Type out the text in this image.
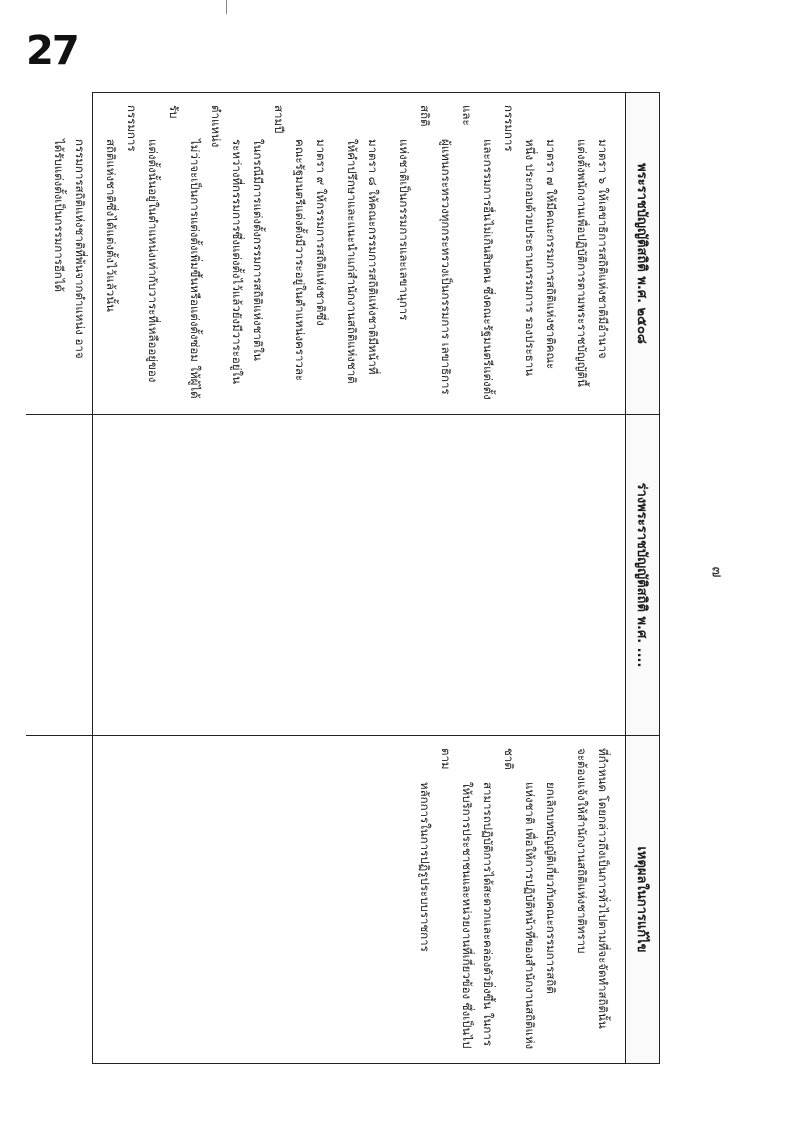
27
๗
พระราชบัญญัติสถิติ พ.ศ. ๒๕๐๘
ร่างพระราชบัญญัติสถิติ พ.ศ. ....
เหตุผลในการแก้ไข
มาตรา ๖ ให้เลขาธิการสถิติแห่งชาติมีอำนาจ
แต่งตั้งพนักงานเพื่อปฏิบัติการตามพระราชบัญญัตินี้
มาตรา ๗ ให้มีคณะกรรมการสถิติแห่งชาติคณะ
หนึ่ง ประกอบด้วยประธานกรรมการ รองประธานกรรมการ
และกรรมการอื่นไม่เกินสิบคน ซึ่งคณะรัฐมนตรีแต่งตั้ง และ
ผู้แทนกระทรวงทุกกระทรวงเป็นกรรมการ เลขาธิการสถิติ
แห่งชาติเป็นกรรมการและเลขานุการ
มาตรา ๘ ให้คณะกรรมการสถิติแห่งชาติมีหน้าที่
ให้คำปรึกษาและแนะนำแก่สำนักงานสถิติแห่งชาติ
มาตรา ๙ ให้กรรมการสถิติแห่งชาติซึ่ง
คณะรัฐมนตรีแต่งตั้งมีวาระอยู่ในตำแหน่งคราวละสามปี
ในกรณีมีการแต่งตั้งกรรมการสถิติแห่งชาติใน
ระหว่างที่กรรมการซึ่งแต่งตั้งไว้แล้วยังมีวาระอยู่ในตำแหน่ง
ไม่ว่าจะเป็นการแต่งตั้งเพิ่มขึ้นหรือแต่งตั้งซ่อม ให้ผู้ได้รับ
แต่งตั้งนั้นอยู่ในตำแหน่งเท่ากับวาระที่เหลืออยู่ของกรรมการ
สถิติแห่งชาติซึ่งได้แต่งตั้งไว้แล้วนั้น
กรรมการสถิติแห่งชาติที่พ้นจากตำแหน่ง อาจ
ได้รับแต่งตั้งเป็นกรรมการอีกได้
ที่กำหนด โดยกล่าวถึงเป็นการทั่วไปตามที่จะจัดทำสถิตินั้น
จะต้องแจ้งให้สำนักงานสถิติแห่งชาติทราบ
ยกเลิกบทบัญญัติเกี่ยวกับคณะกรรมการสถิติ
แห่งชาติ เพื่อให้การปฏิบัติหน้าที่ของสำนักงานสถิติแห่งชาติ
สามารถปฏิบัติการได้สะดวกและคล่องตัวยิ่งขึ้น ในการ
ให้บริการประชาชนและหน่วยงานที่เกี่ยวข้อง ซึ่งเป็นไปตาม
หลักการในการปฏิรูประบบราชการ
